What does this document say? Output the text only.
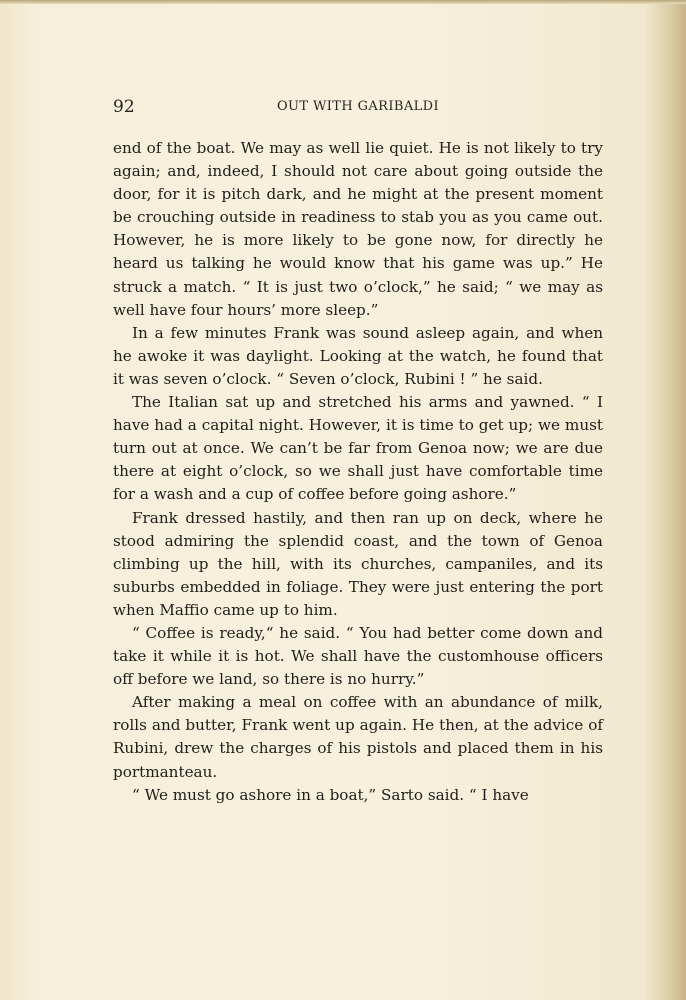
92	OUT WITH GARIBALDI

end of the boat. We may as well lie quiet. He is not likely to try again; and, indeed, I should not care about going outside the door, for it is pitch dark, and he might at the present moment be crouching outside in readiness to stab you as you came out. However, he is more likely to be gone now, for directly he heard us talking he would know that his game was up.” He struck a match. “ It is just two o’clock,” he said; “ we may as well have four hours’ more sleep.”

In a few minutes Frank was sound asleep again, and when he awoke it was daylight. Looking at the watch, he found that it was seven o’clock. “ Seven o’clock, Rubini ! ” he said.

The Italian sat up and stretched his arms and yawned. “ I have had a capital night. However, it is time to get up; we must turn out at once. We can’t be far from Genoa now; we are due there at eight o’clock, so we shall just have comfortable time for a wash and a cup of coffee before going ashore.”

Frank dressed hastily, and then ran up on deck, where he stood admiring the splendid coast, and the town of Genoa climbing up the hill, with its churches, campaniles, and its suburbs embedded in foliage. They were just entering the port when Maffio came up to him.

“ Coffee is ready,“ he said. “ You had better come down and take it while it is hot. We shall have the customhouse officers off before we land, so there is no hurry.”

After making a meal on coffee with an abundance of milk, rolls and butter, Frank went up again. He then, at the advice of Rubini, drew the charges of his pistols and placed them in his portmanteau.

“ We must go ashore in a boat,” Sarto said. “ I have
